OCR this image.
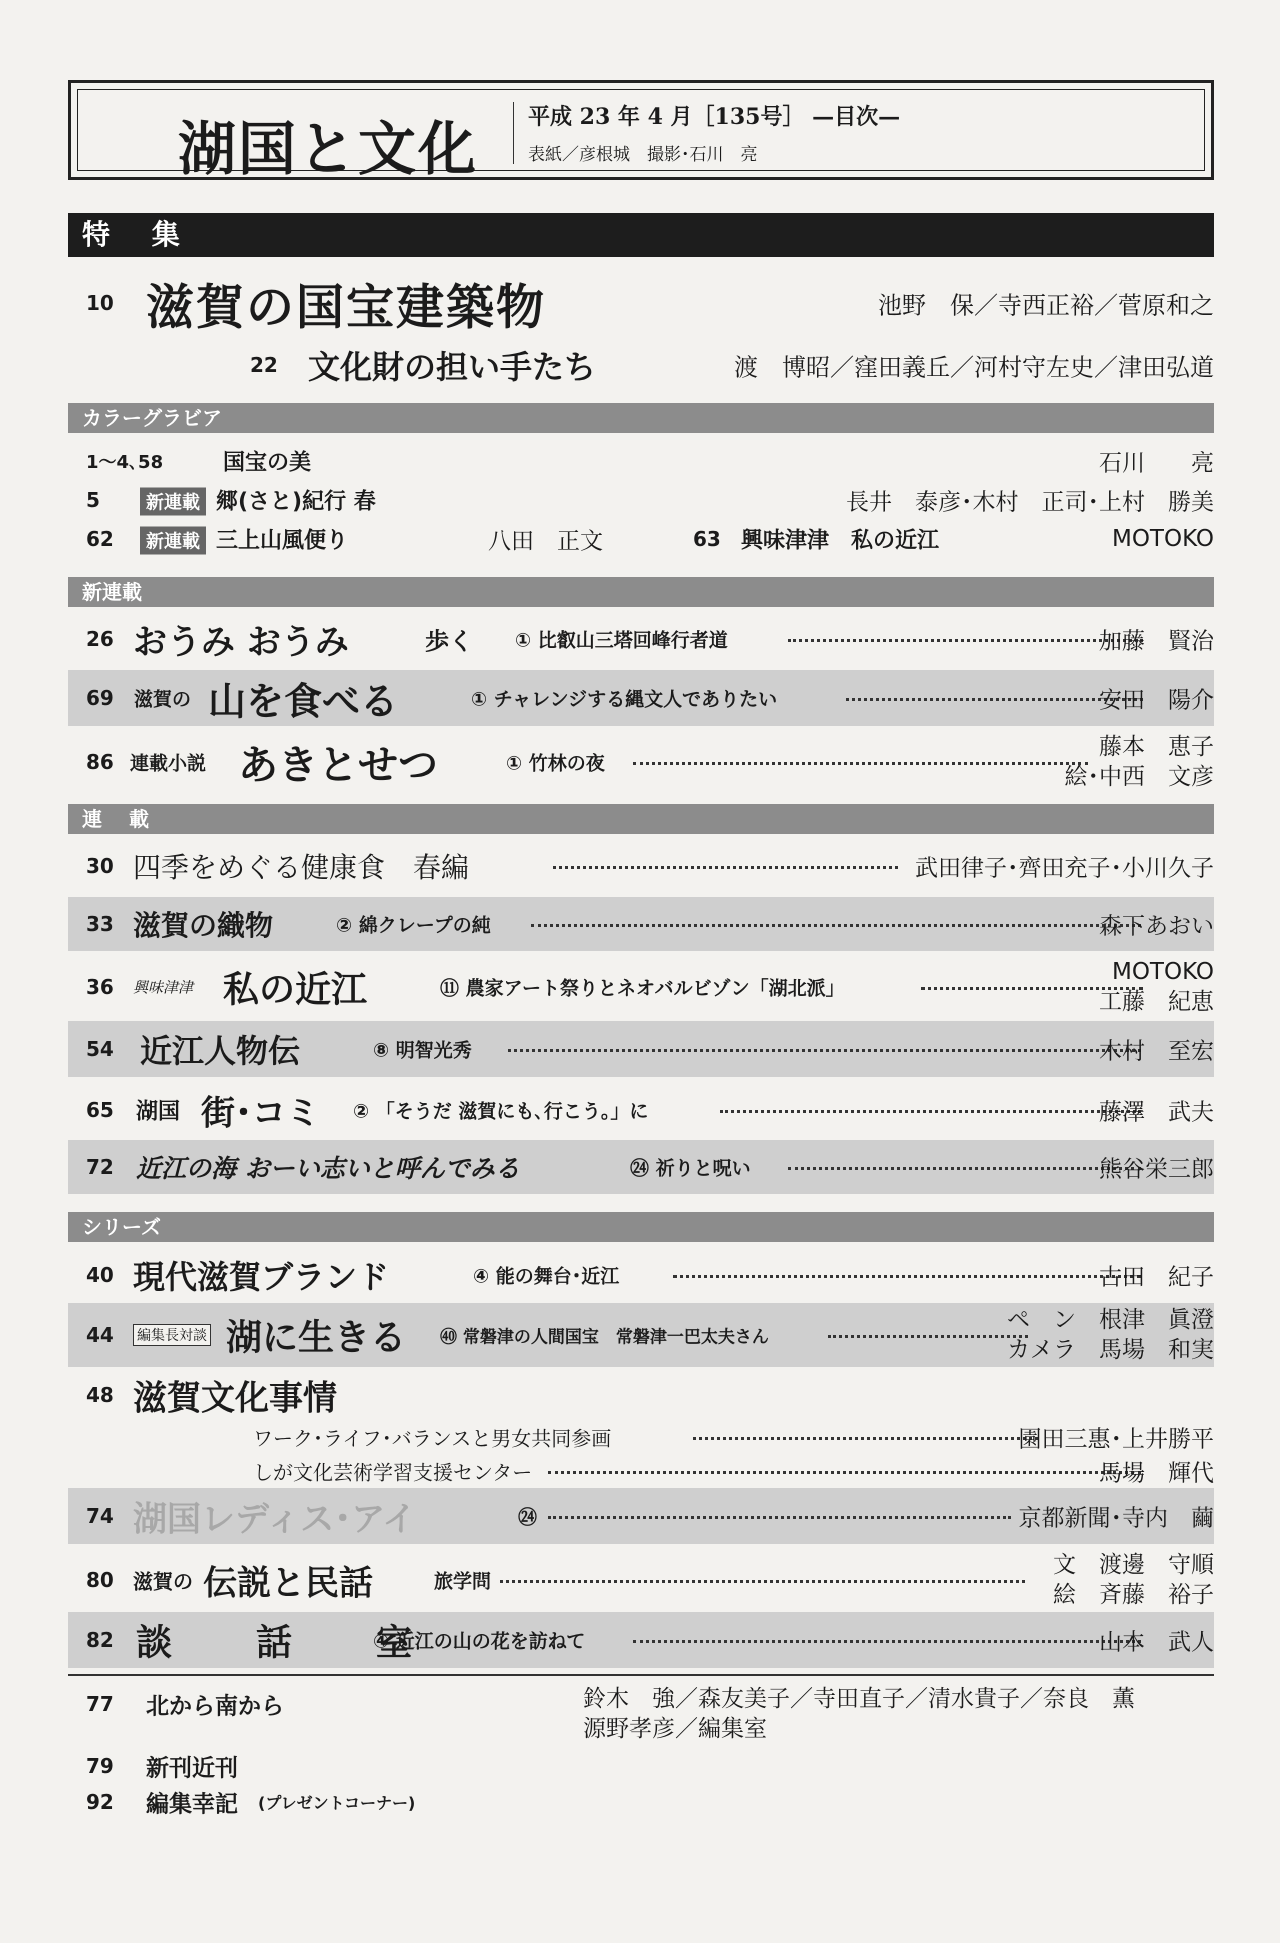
湖国と文化 平成 23 年 4 月［135号］ —目次—
表紙／彦根城　撮影･石川　亮
特 集
10 滋賀の国宝建築物	池野　保／寺西正裕／菅原和之
22 文化財の担い手たち	渡　博昭／窪田義丘／河村守左史／津田弘道
カラーグラビア
1～4､58	国宝の美	石川　　亮
5	新連載 郷(さと)紀行 春	長井　泰彦･木村　正司･上村　勝美
62	新連載 三上山風便り	八田　正文	63 興味津津　私の近江	MOTOKO
新連載
26 おうみ おうみ	歩く ① 比叡山三塔回峰行者道	加藤　賢治
69 滋賀の 山を食べる	① チャレンジする縄文人でありたい	安田　陽介
86 連載小説 あきとせつ	① 竹林の夜
藤本　恵子
絵･中西　文彦
連 載
30 四季をめぐる健康食　春編	武田律子･齊田充子･小川久子
33 滋賀の織物	② 綿クレープの純	森下あおい
36 興味津津 私の近江	⑪ 農家アート祭りとネオバルビゾン「湖北派」
MOTOKO
工藤　紀恵
54 近江人物伝	⑧ 明智光秀	木村　至宏
65 湖国 街･コミ ② 「そうだ 滋賀にも､行こう｡」に	藤澤　武夫
72 近江の海 おーい志いと呼んでみる	㉔ 祈りと呪い	熊谷栄三郎
シリーズ
40 現代滋賀ブランド	④ 能の舞台･近江	古田　紀子
44 編集長対談 湖に生きる ㊵ 常磐津の人間国宝　常磐津一巴太夫さん
ペ　ン　根津　眞澄
カメラ　馬場　和実
48 滋賀文化事情
ワーク･ライフ･バランスと男女共同参画	園田三惠･上井勝平
しが文化芸術学習支援センター	馬場　輝代
74 湖国レディス･アイ	㉔	京都新聞･寺内　繭
80 滋賀の 伝説と民話	旅学問
文　渡邊　守順
絵　斉藤　裕子
82 談　話　室
④ 近江の山の花を訪ねて	山本　武人
77 北から南から	鈴木　強／森友美子／寺田直子／清水貴子／奈良　薫
源野孝彦／編集室
79 新刊近刊
92 編集幸記 (プレゼントコーナー)
